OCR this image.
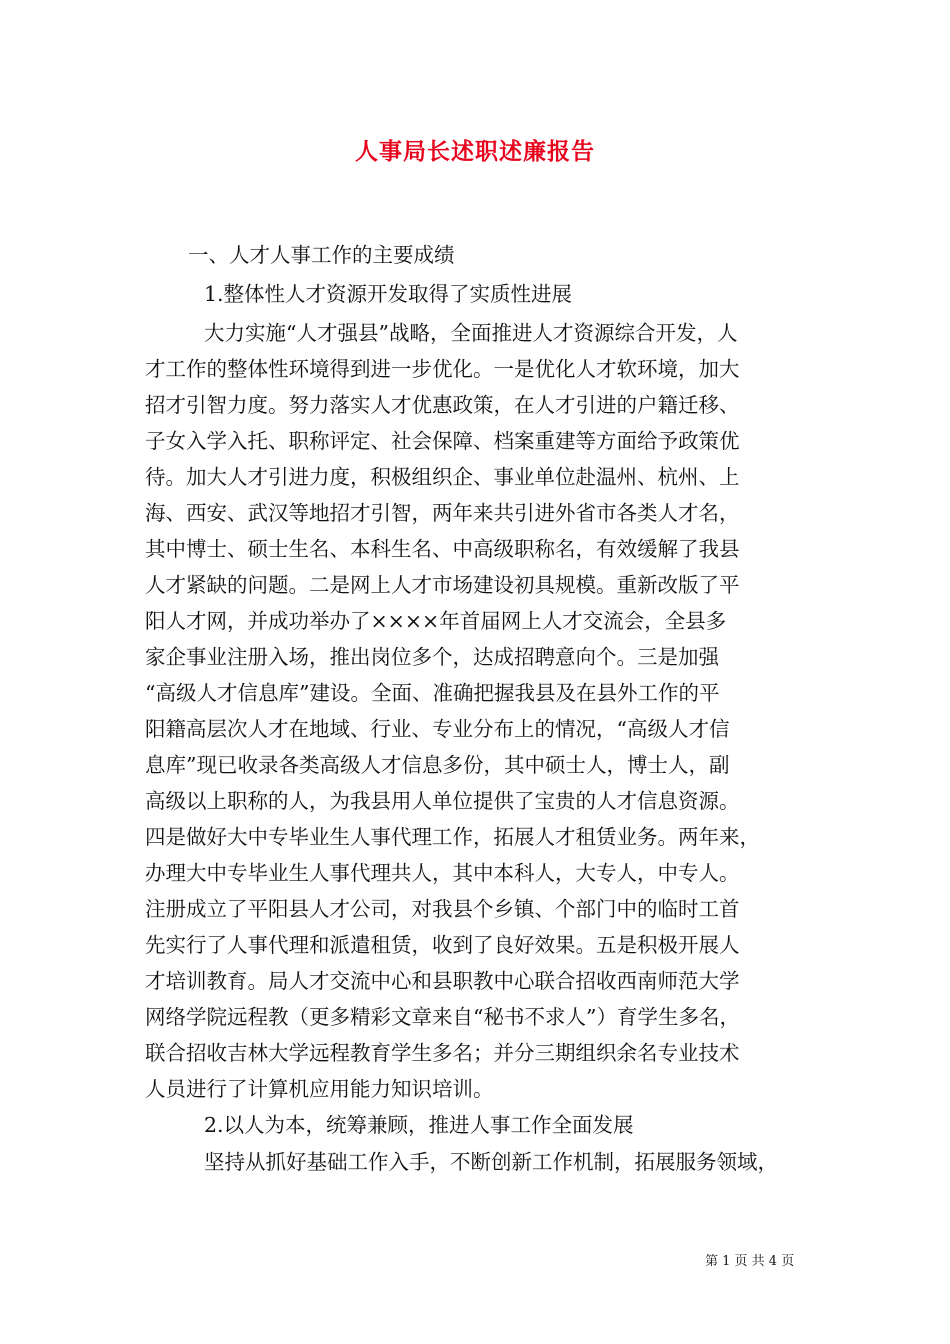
人事局长述职述廉报告
一、人才人事工作的主要成绩
1.整体性人才资源开发取得了实质性进展
大力实施“人才强县”战略，全面推进人才资源综合开发，人
才工作的整体性环境得到进一步优化。一是优化人才软环境，加大
招才引智力度。努力落实人才优惠政策，在人才引进的户籍迁移、
子女入学入托、职称评定、社会保障、档案重建等方面给予政策优
待。加大人才引进力度，积极组织企、事业单位赴温州、杭州、上
海、西安、武汉等地招才引智，两年来共引进外省市各类人才名，
其中博士、硕士生名、本科生名、中高级职称名，有效缓解了我县
人才紧缺的问题。二是网上人才市场建设初具规模。重新改版了平
阳人才网，并成功举办了××××年首届网上人才交流会，全县多
家企事业注册入场，推出岗位多个，达成招聘意向个。三是加强
“高级人才信息库”建设。全面、准确把握我县及在县外工作的平
阳籍高层次人才在地域、行业、专业分布上的情况，“高级人才信
息库”现已收录各类高级人才信息多份，其中硕士人，博士人，副
高级以上职称的人，为我县用人单位提供了宝贵的人才信息资源。
四是做好大中专毕业生人事代理工作，拓展人才租赁业务。两年来，
办理大中专毕业生人事代理共人，其中本科人，大专人，中专人。
注册成立了平阳县人才公司，对我县个乡镇、个部门中的临时工首
先实行了人事代理和派遣租赁，收到了良好效果。五是积极开展人
才培训教育。局人才交流中心和县职教中心联合招收西南师范大学
网络学院远程教（更多精彩文章来自“秘书不求人”）育学生多名，
联合招收吉林大学远程教育学生多名；并分三期组织余名专业技术
人员进行了计算机应用能力知识培训。
2.以人为本，统筹兼顾，推进人事工作全面发展
坚持从抓好基础工作入手，不断创新工作机制，拓展服务领域，
第 1 页 共 4 页
